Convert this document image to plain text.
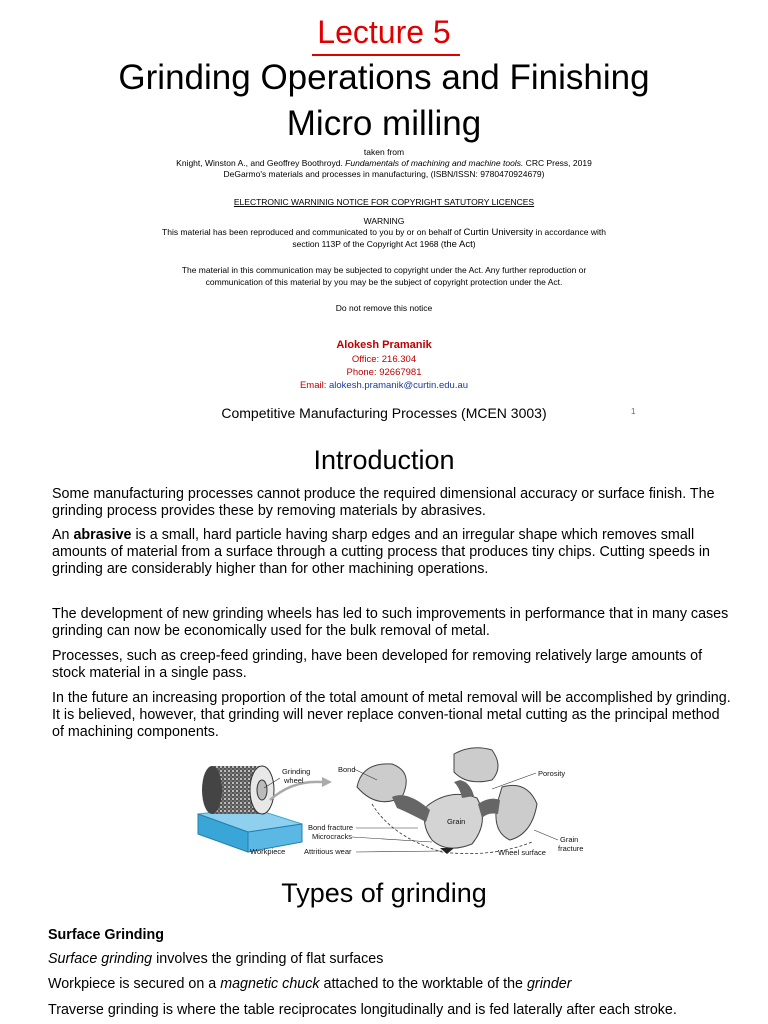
Lecture 5
Grinding Operations and Finishing
Micro milling
taken from
Knight, Winston A., and Geoffrey Boothroyd. Fundamentals of machining and machine tools. CRC Press, 2019
DeGarmo's materials and processes in manufacturing, (ISBN/ISSN: 9780470924679)
ELECTRONIC WARNINIG NOTICE FOR COPYRIGHT SATUTORY LICENCES
WARNING
This material has been reproduced and communicated to you by or on behalf of Curtin University in accordance with
section 113P of the Copyright Act 1968 (the Act)
The material in this communication may be subjected to copyright under the Act. Any further reproduction or
communication of this material by you may be the subject of copyright protection under the Act.
Do not remove this notice
Alokesh Pramanik
Office: 216.304
Phone: 92667981
Email: alokesh.pramanik@curtin.edu.au
Competitive Manufacturing Processes (MCEN 3003)	1
Introduction
Some manufacturing processes cannot produce the required dimensional accuracy or surface finish. The grinding process provides these by removing materials by abrasives.
An abrasive is a small, hard particle having sharp edges and an irregular shape which removes small amounts of material from a surface through a cutting process that produces tiny chips. Cutting speeds in grinding are considerably higher than for other machining operations.
The development of new grinding wheels has led to such improvements in performance that in many cases grinding can now be economically used for the bulk removal of metal.
Processes, such as creep-feed grinding, have been developed for removing relatively large amounts of stock material in a single pass.
In the future an increasing proportion of the total amount of metal removal will be accomplished by grinding. It is believed, however, that grinding will never replace conven-tional metal cutting as the principal method of machining components.
Grinding
wheel
Workpiece
Bond	Porosity
Grain
Bond fracture
Microcracks
Attritious wear	Wheel surface
Grain
fracture
Types of grinding
Surface Grinding
Surface grinding involves the grinding of flat surfaces
Workpiece is secured on a magnetic chuck attached to the worktable of the grinder
Traverse grinding is where the table reciprocates longitudinally and is fed laterally after each stroke.
